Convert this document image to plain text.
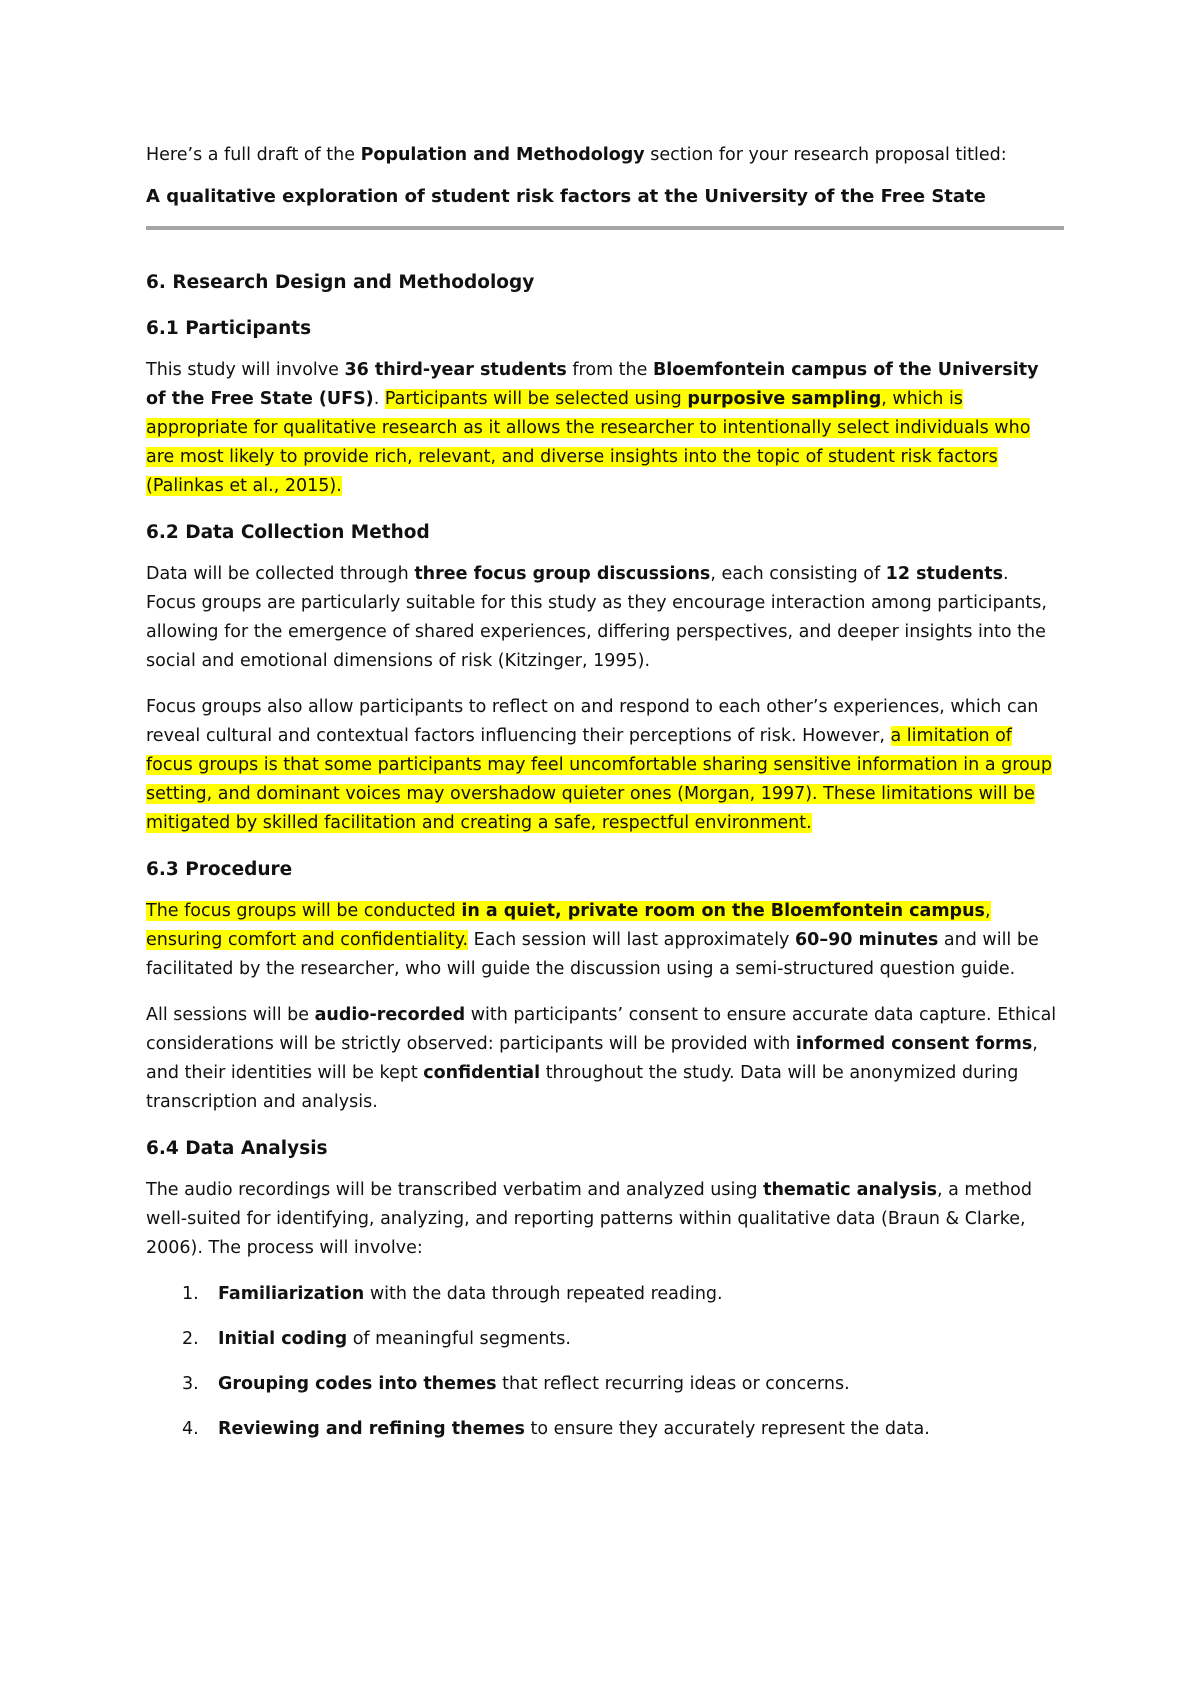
Here’s a full draft of the Population and Methodology section for your research proposal titled:

A qualitative exploration of student risk factors at the University of the Free State

6. Research Design and Methodology

6.1 Participants

This study will involve 36 third-year students from the Bloemfontein campus of the University of the Free State (UFS). Participants will be selected using purposive sampling, which is appropriate for qualitative research as it allows the researcher to intentionally select individuals who are most likely to provide rich, relevant, and diverse insights into the topic of student risk factors (Palinkas et al., 2015).

6.2 Data Collection Method

Data will be collected through three focus group discussions, each consisting of 12 students. Focus groups are particularly suitable for this study as they encourage interaction among participants, allowing for the emergence of shared experiences, differing perspectives, and deeper insights into the social and emotional dimensions of risk (Kitzinger, 1995).

Focus groups also allow participants to reflect on and respond to each other’s experiences, which can reveal cultural and contextual factors influencing their perceptions of risk. However, a limitation of focus groups is that some participants may feel uncomfortable sharing sensitive information in a group setting, and dominant voices may overshadow quieter ones (Morgan, 1997). These limitations will be mitigated by skilled facilitation and creating a safe, respectful environment.

6.3 Procedure

The focus groups will be conducted in a quiet, private room on the Bloemfontein campus, ensuring comfort and confidentiality. Each session will last approximately 60–90 minutes and will be facilitated by the researcher, who will guide the discussion using a semi-structured question guide.

All sessions will be audio-recorded with participants’ consent to ensure accurate data capture. Ethical considerations will be strictly observed: participants will be provided with informed consent forms, and their identities will be kept confidential throughout the study. Data will be anonymized during transcription and analysis.

6.4 Data Analysis

The audio recordings will be transcribed verbatim and analyzed using thematic analysis, a method well-suited for identifying, analyzing, and reporting patterns within qualitative data (Braun & Clarke, 2006). The process will involve:

1.	Familiarization with the data through repeated reading.
2.	Initial coding of meaningful segments.
3.	Grouping codes into themes that reflect recurring ideas or concerns.
4.	Reviewing and refining themes to ensure they accurately represent the data.
